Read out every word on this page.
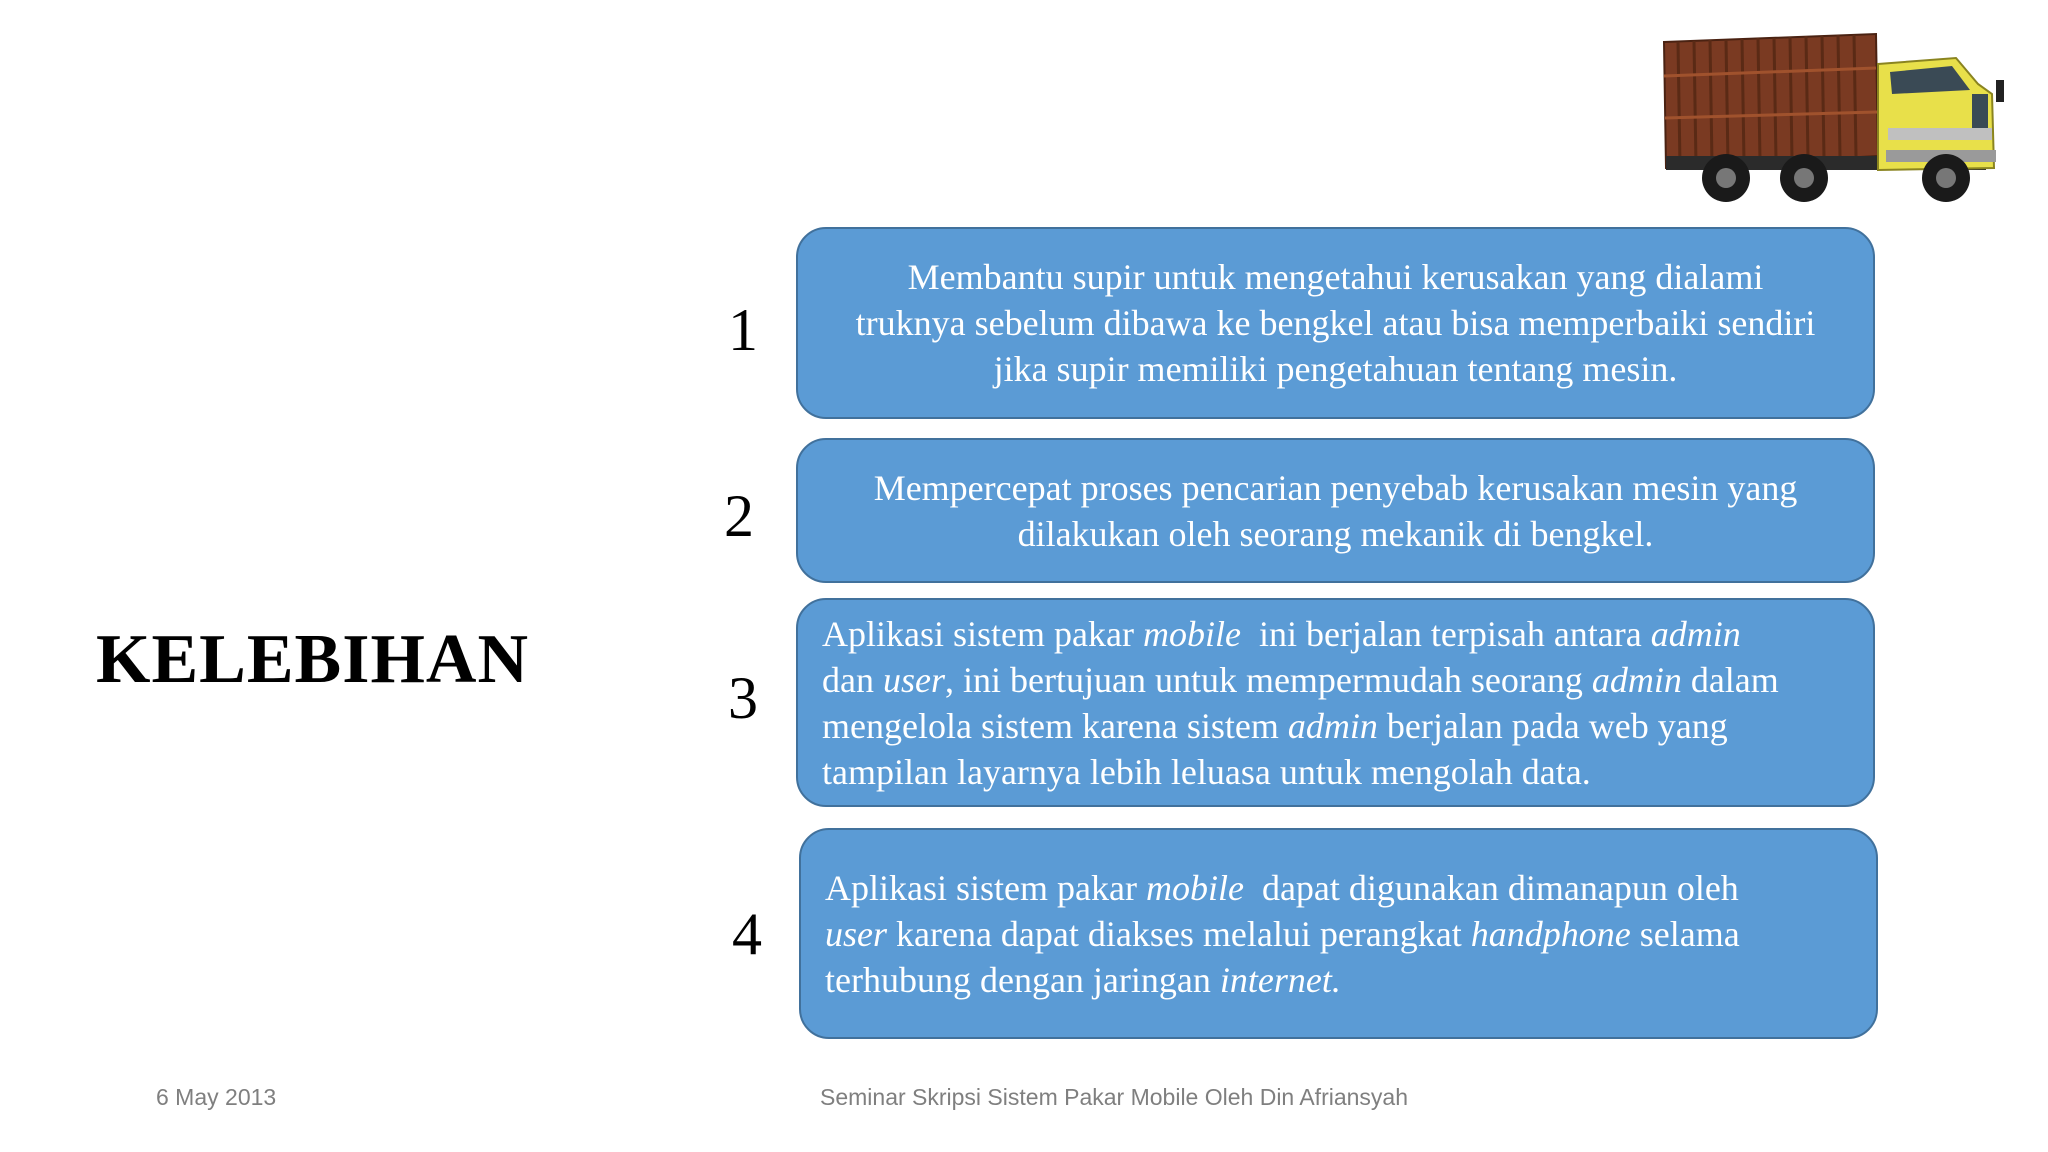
KELEBIHAN
1
2
3
4
Membantu supir untuk mengetahui kerusakan yang dialami
truknya sebelum dibawa ke bengkel atau bisa memperbaiki sendiri
jika supir memiliki pengetahuan tentang mesin.
Mempercepat proses pencarian penyebab kerusakan mesin yang
dilakukan oleh seorang mekanik di bengkel.
Aplikasi sistem pakar mobile  ini berjalan terpisah antara admin
dan user, ini bertujuan untuk mempermudah seorang admin dalam
mengelola sistem karena sistem admin berjalan pada web yang
tampilan layarnya lebih leluasa untuk mengolah data.
Aplikasi sistem pakar mobile  dapat digunakan dimanapun oleh
user karena dapat diakses melalui perangkat handphone selama
terhubung dengan jaringan internet.
6 May 2013	Seminar Skripsi Sistem Pakar Mobile Oleh Din Afriansyah
